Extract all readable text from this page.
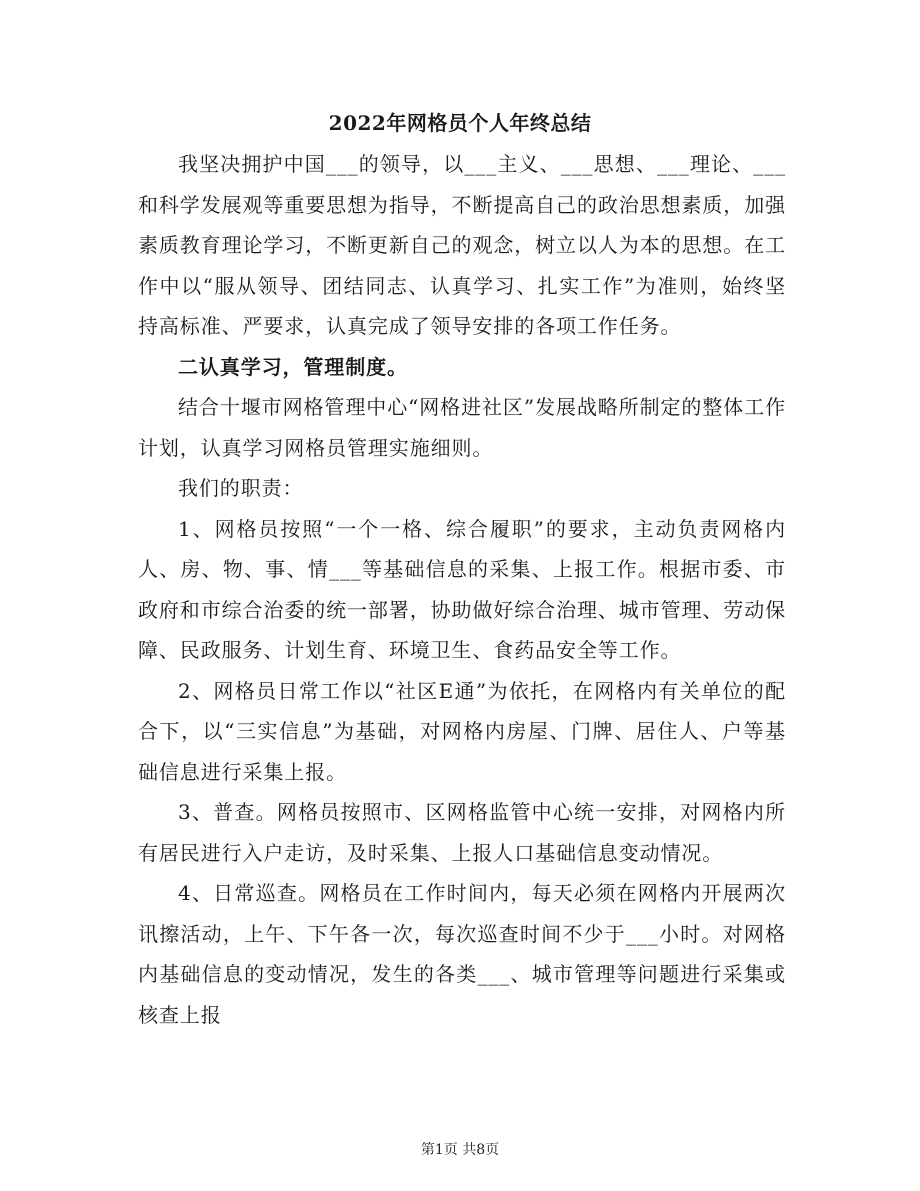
2022年网格员个人年终总结

我坚决拥护中国___的领导，以___主义、___思想、___理论、___和科学发展观等重要思想为指导，不断提高自己的政治思想素质，加强素质教育理论学习，不断更新自己的观念，树立以人为本的思想。在工作中以“服从领导、团结同志、认真学习、扎实工作”为准则，始终坚持高标准、严要求，认真完成了领导安排的各项工作任务。

二认真学习，管理制度。

结合十堰市网格管理中心“网格进社区”发展战略所制定的整体工作计划，认真学习网格员管理实施细则。

我们的职责：

1、网格员按照“一个一格、综合履职”的要求，主动负责网格内人、房、物、事、情___等基础信息的采集、上报工作。根据市委、市政府和市综合治委的统一部署，协助做好综合治理、城市管理、劳动保障、民政服务、计划生育、环境卫生、食药品安全等工作。

2、网格员日常工作以“社区E通”为依托，在网格内有关单位的配合下，以“三实信息”为基础，对网格内房屋、门牌、居住人、户等基础信息进行采集上报。

3、普查。网格员按照市、区网格监管中心统一安排，对网格内所有居民进行入户走访，及时采集、上报人口基础信息变动情况。

4、日常巡查。网格员在工作时间内，每天必须在网格内开展两次讯擦活动，上午、下午各一次，每次巡查时间不少于___小时。对网格内基础信息的变动情况，发生的各类___、城市管理等问题进行采集或核查上报

第1页 共8页
